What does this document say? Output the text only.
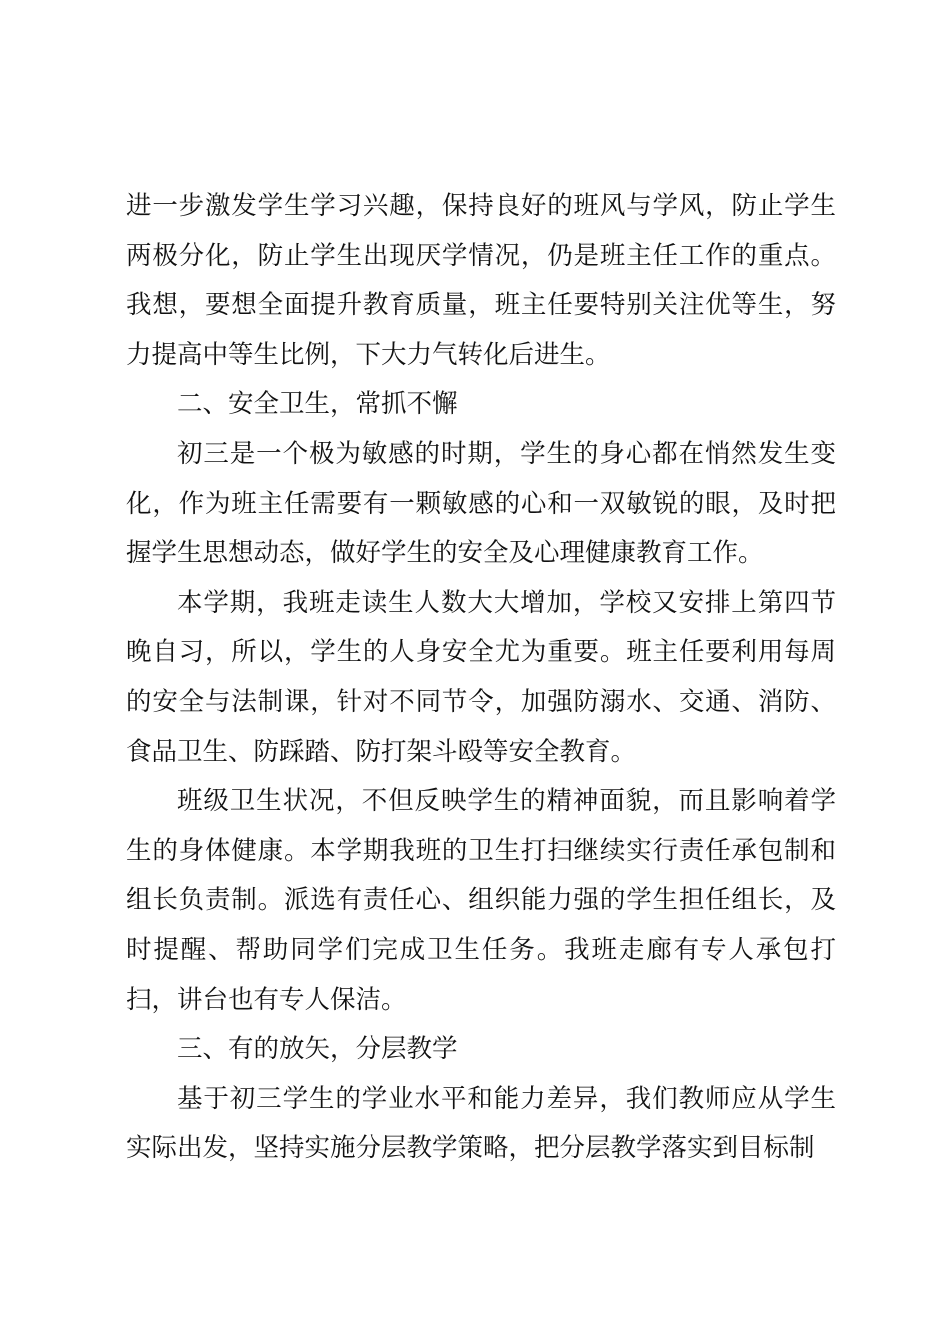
进一步激发学生学习兴趣，保持良好的班风与学风，防止学生两极分化，防止学生出现厌学情况，仍是班主任工作的重点。我想，要想全面提升教育质量，班主任要特别关注优等生，努力提高中等生比例，下大力气转化后进生。

二、安全卫生，常抓不懈

初三是一个极为敏感的时期，学生的身心都在悄然发生变化，作为班主任需要有一颗敏感的心和一双敏锐的眼，及时把握学生思想动态，做好学生的安全及心理健康教育工作。

本学期，我班走读生人数大大增加，学校又安排上第四节晚自习，所以，学生的人身安全尤为重要。班主任要利用每周的安全与法制课，针对不同节令，加强防溺水、交通、消防、食品卫生、防踩踏、防打架斗殴等安全教育。

班级卫生状况，不但反映学生的精神面貌，而且影响着学生的身体健康。本学期我班的卫生打扫继续实行责任承包制和组长负责制。派选有责任心、组织能力强的学生担任组长，及时提醒、帮助同学们完成卫生任务。我班走廊有专人承包打扫，讲台也有专人保洁。

三、有的放矢，分层教学

基于初三学生的学业水平和能力差异，我们教师应从学生实际出发，坚持实施分层教学策略，把分层教学落实到目标制
